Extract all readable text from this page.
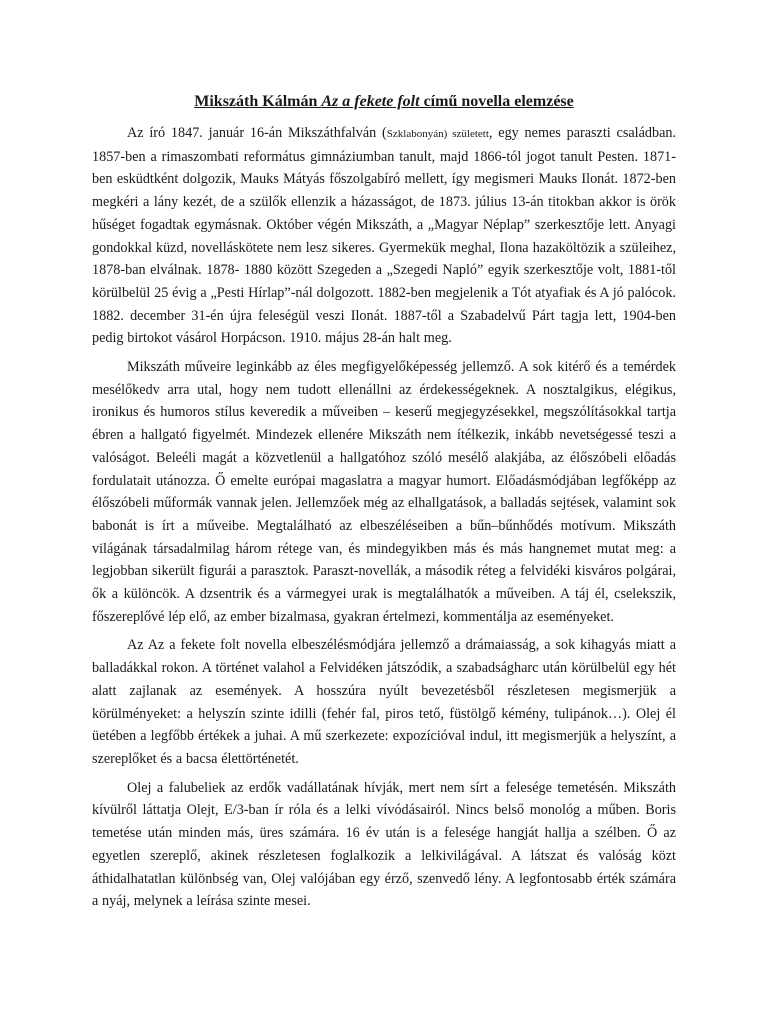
Mikszáth Kálmán Az a fekete folt című novella elemzése

Az író 1847. január 16-án Mikszáthfalván (Szklabonyán) született, egy nemes paraszti családban. 1857-ben a rimaszombati református gimnáziumban tanult, majd 1866-tól jogot tanult Pesten. 1871-ben esküdtként dolgozik, Mauks Mátyás főszolgabíró mellett, így megismeri Mauks Ilonát. 1872-ben megkéri a lány kezét, de a szülők ellenzik a házasságot, de 1873. július 13-án titokban akkor is örök hűséget fogadtak egymásnak. Október végén Mikszáth, a „Magyar Néplap” szerkesztője lett. Anyagi gondokkal küzd, novelláskötete nem lesz sikeres. Gyermekük meghal, Ilona hazaköltözik a szüleihez, 1878-ban elválnak. 1878- 1880 között Szegeden a „Szegedi Napló” egyik szerkesztője volt, 1881-től körülbelül 25 évig a „Pesti Hírlap”-nál dolgozott. 1882-ben megjelenik a Tót atyafiak és A jó palócok. 1882. december 31-én újra feleségül veszi Ilonát. 1887-től a Szabadelvű Párt tagja lett, 1904-ben pedig birtokot vásárol Horpácson. 1910. május 28-án halt meg.

Mikszáth műveire leginkább az éles megfigyelőképesség jellemző. A sok kitérő és a temérdek mesélőkedv arra utal, hogy nem tudott ellenállni az érdekességeknek. A nosztalgikus, elégikus, ironikus és humoros stílus keveredik a műveiben – keserű megjegyzésekkel, megszólításokkal tartja ébren a hallgató figyelmét. Mindezek ellenére Mikszáth nem ítélkezik, inkább nevetségessé teszi a valóságot. Beleéli magát a közvetlenül a hallgatóhoz szóló mesélő alakjába, az élőszóbeli előadás fordulatait utánozza. Ő emelte európai magaslatra a magyar humort. Előadásmódjában legfőképp az élőszóbeli műformák vannak jelen. Jellemzőek még az elhallgatások, a balladás sejtések, valamint sok babonát is írt a műveibe. Megtalálható az elbeszéléseiben a bűn–bűnhődés motívum. Mikszáth világának társadalmilag három rétege van, és mindegyikben más és más hangnemet mutat meg: a legjobban sikerült figurái a parasztok. Paraszt-novellák, a második réteg a felvidéki kisváros polgárai, ők a különcök. A dzsentrik és a vármegyei urak is megtalálhatók a műveiben. A táj él, cselekszik, főszereplővé lép elő, az ember bizalmasa, gyakran értelmezi, kommentálja az eseményeket.

Az Az a fekete folt novella elbeszélésmódjára jellemző a drámaiasság, a sok kihagyás miatt a balladákkal rokon. A történet valahol a Felvidéken játszódik, a szabadságharc után körülbelül egy hét alatt zajlanak az események. A hosszúra nyúlt bevezetésből részletesen megismerjük a körülményeket: a helyszín szinte idilli (fehér fal, piros tető, füstölgő kémény, tulipánok…). Olej él üetében a legfőbb értékek a juhai. A mű szerkezete: expozícióval indul, itt megismerjük a helyszínt, a szereplőket és a bacsa élettörténetét.

Olej a falubeliek az erdők vadállatának hívják, mert nem sírt a felesége temetésén. Mikszáth kívülről láttatja Olejt, E/3-ban ír róla és a lelki vívódásairól. Nincs belső monológ a műben. Boris temetése után minden más, üres számára. 16 év után is a felesége hangját hallja a szélben. Ő az egyetlen szereplő, akinek részletesen foglalkozik a lelkivilágával. A látszat és valóság közt áthidalhatatlan különbség van, Olej valójában egy érző, szenvedő lény. A legfontosabb érték számára a nyáj, melynek a leírása szinte mesei.
